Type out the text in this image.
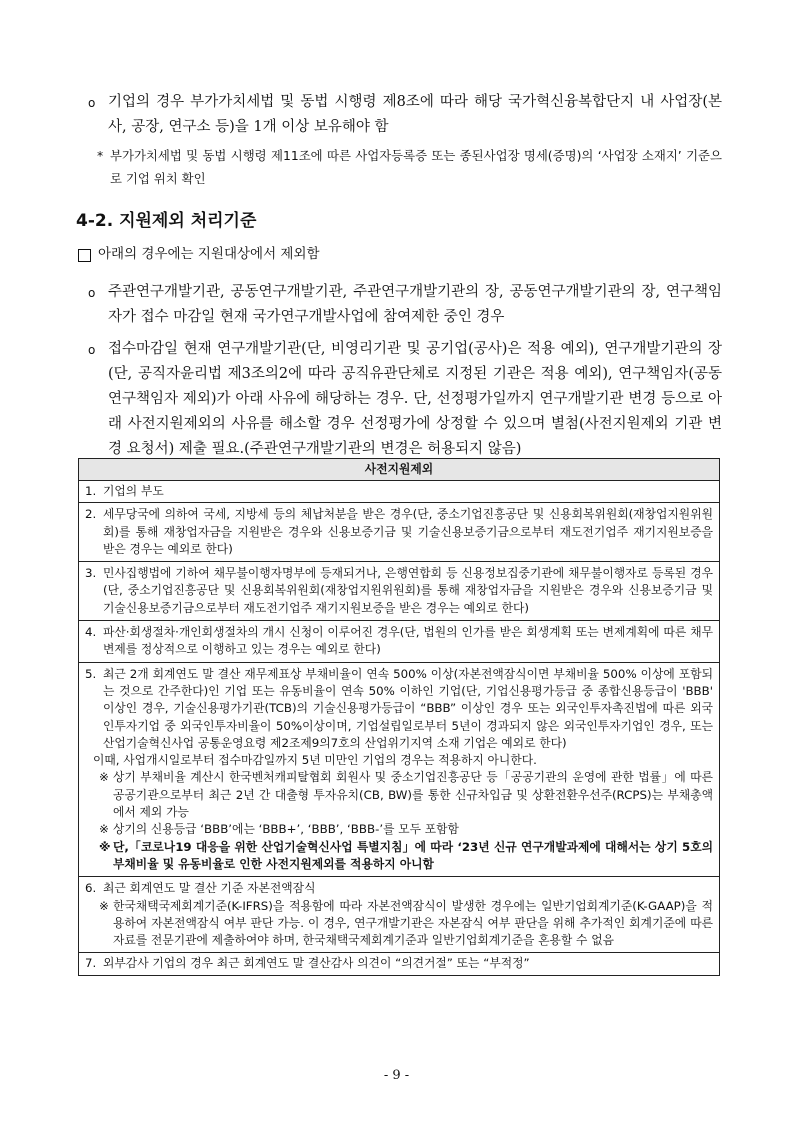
o 기업의 경우 부가가치세법 및 동법 시행령 제8조에 따라 해당 국가혁신융복합단지 내 사업장(본사, 공장, 연구소 등)을 1개 이상 보유해야 함
* 부가가치세법 및 동법 시행령 제11조에 따른 사업자등록증 또는 종된사업장 명세(증명)의 ‘사업장 소재지’ 기준으로 기업 위치 확인
4-2. 지원제외 처리기준
아래의 경우에는 지원대상에서 제외함
o 주관연구개발기관, 공동연구개발기관, 주관연구개발기관의 장, 공동연구개발기관의 장, 연구책임자가 접수 마감일 현재 국가연구개발사업에 참여제한 중인 경우
o 접수마감일 현재 연구개발기관(단, 비영리기관 및 공기업(공사)은 적용 예외), 연구개발기관의 장(단, 공직자윤리법 제3조의2에 따라 공직유관단체로 지정된 기관은 적용 예외), 연구책임자(공동연구책임자 제외)가 아래 사유에 해당하는 경우. 단, 선정평가일까지 연구개발기관 변경 등으로 아래 사전지원제외의 사유를 해소할 경우 선정평가에 상정할 수 있으며 별첨(사전지원제외 기관 변경 요청서) 제출 필요.(주관연구개발기관의 변경은 허용되지 않음)
사전지원제외

1. 기업의 부도

2. 세무당국에 의하여 국세, 지방세 등의 체납처분을 받은 경우(단, 중소기업진흥공단 및 신용회복위원회(재창업지원위원회)를 통해 재창업자금을 지원받은 경우와 신용보증기금 및 기술신용보증기금으로부터 재도전기업주 재기지원보증을 받은 경우는 예외로 한다)

3. 민사집행법에 기하여 채무불이행자명부에 등재되거나, 은행연합회 등 신용정보집중기관에 채무불이행자로 등록된 경우(단, 중소기업진흥공단 및 신용회복위원회(재창업지원위원회)를 통해 재창업자금을 지원받은 경우와 신용보증기금 및 기술신용보증기금으로부터 재도전기업주 재기지원보증을 받은 경우는 예외로 한다)

4. 파산·회생절차·개인회생절차의 개시 신청이 이루어진 경우(단, 법원의 인가를 받은 회생계획 또는 변제계획에 따른 채무변제를 정상적으로 이행하고 있는 경우는 예외로 한다)

5. 최근 2개 회계연도 말 결산 재무제표상 부채비율이 연속 500% 이상(자본전액잠식이면 부채비율 500% 이상에 포함되는 것으로 간주한다)인 기업 또는 유동비율이 연속 50% 이하인 기업(단, 기업신용평가등급 중 종합신용등급이 'BBB' 이상인 경우, 기술신용평가기관(TCB)의 기술신용평가등급이 “BBB” 이상인 경우 또는 외국인투자촉진법에 따른 외국인투자기업 중 외국인투자비율이 50%이상이며, 기업설립일로부터 5년이 경과되지 않은 외국인투자기업인 경우, 또는 산업기술혁신사업 공통운영요령 제2조제9의7호의 산업위기지역 소재 기업은 예외로 한다)
이때, 사업개시일로부터 접수마감일까지 5년 미만인 기업의 경우는 적용하지 아니한다.
※ 상기 부채비율 계산시 한국벤처캐피탈협회 회원사 및 중소기업진흥공단 등「공공기관의 운영에 관한 법률」에 따른 공공기관으로부터 최근 2년 간 대출형 투자유치(CB, BW)를 통한 신규차입금 및 상환전환우선주(RCPS)는 부채총액에서 제외 가능
※ 상기의 신용등급 ‘BBB’에는 ‘BBB+’, ‘BBB’, ‘BBB-’를 모두 포함함
※ 단,「코로나19 대응을 위한 산업기술혁신사업 특별지침」에 따라 ‘23년 신규 연구개발과제에 대해서는 상기 5호의 부채비율 및 유동비율로 인한 사전지원제외를 적용하지 아니함

6. 최근 회계연도 말 결산 기준 자본전액잠식
※ 한국채택국제회계기준(K-IFRS)을 적용함에 따라 자본전액잠식이 발생한 경우에는 일반기업회계기준(K-GAAP)을 적용하여 자본전액잠식 여부 판단 가능. 이 경우, 연구개발기관은 자본잠식 여부 판단을 위해 추가적인 회계기준에 따른 자료를 전문기관에 제출하여야 하며, 한국채택국제회계기준과 일반기업회계기준을 혼용할 수 없음

7. 외부감사 기업의 경우 최근 회계연도 말 결산감사 의견이 “의견거절” 또는 “부적정”
- 9 -
